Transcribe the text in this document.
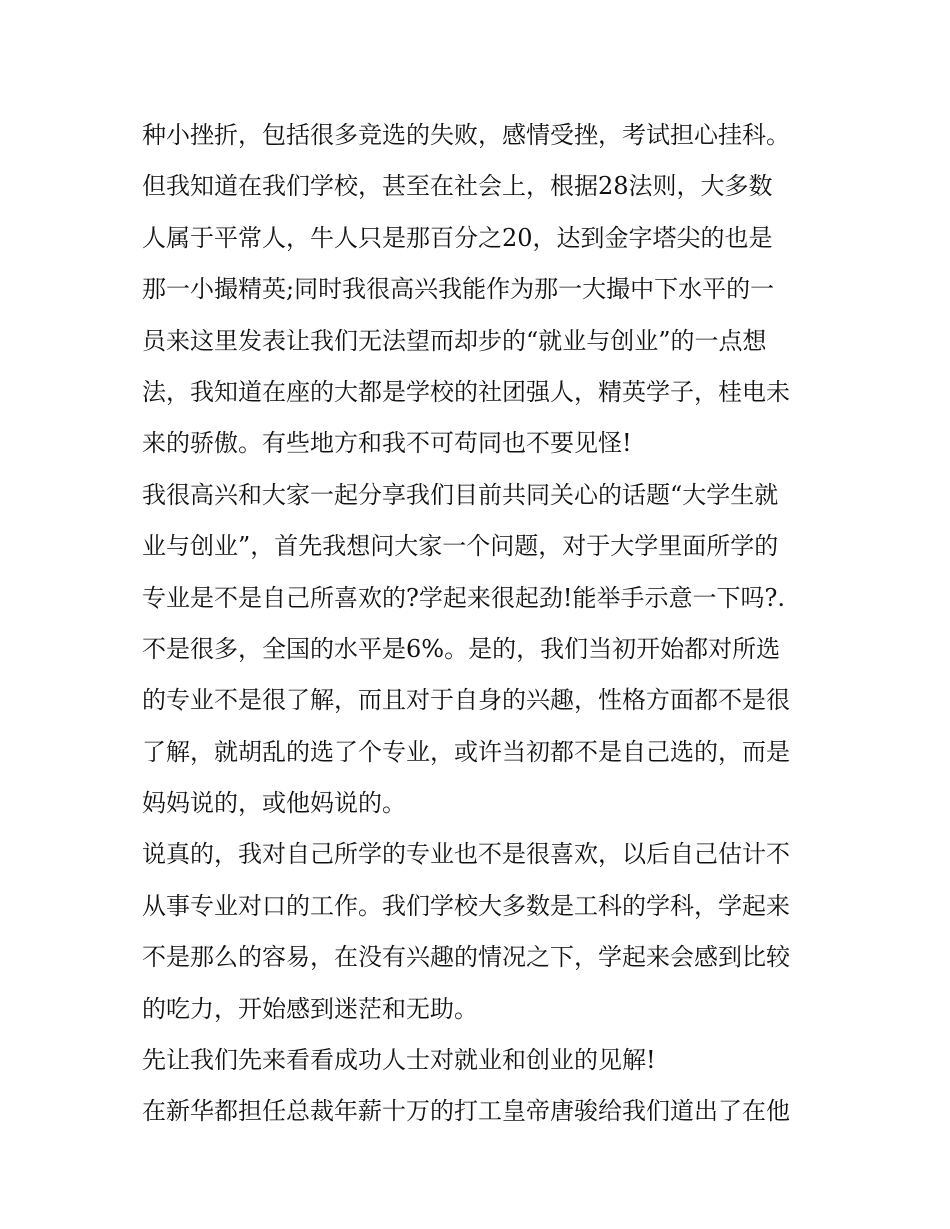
种小挫折，包括很多竞选的失败，感情受挫，考试担心挂科。
但我知道在我们学校，甚至在社会上，根据28法则，大多数
人属于平常人，牛人只是那百分之20，达到金字塔尖的也是
那一小撮精英;同时我很高兴我能作为那一大撮中下水平的一
员来这里发表让我们无法望而却步的“就业与创业”的一点想
法，我知道在座的大都是学校的社团强人，精英学子，桂电未
来的骄傲。有些地方和我不可苟同也不要见怪!
我很高兴和大家一起分享我们目前共同关心的话题“大学生就
业与创业”，首先我想问大家一个问题，对于大学里面所学的
专业是不是自己所喜欢的?学起来很起劲!能举手示意一下吗?.
不是很多，全国的水平是6%。是的，我们当初开始都对所选
的专业不是很了解，而且对于自身的兴趣，性格方面都不是很
了解，就胡乱的选了个专业，或许当初都不是自己选的，而是
妈妈说的，或他妈说的。
说真的，我对自己所学的专业也不是很喜欢，以后自己估计不
从事专业对口的工作。我们学校大多数是工科的学科，学起来
不是那么的容易，在没有兴趣的情况之下，学起来会感到比较
的吃力，开始感到迷茫和无助。
先让我们先来看看成功人士对就业和创业的见解!
在新华都担任总裁年薪十万的打工皇帝唐骏给我们道出了在他
